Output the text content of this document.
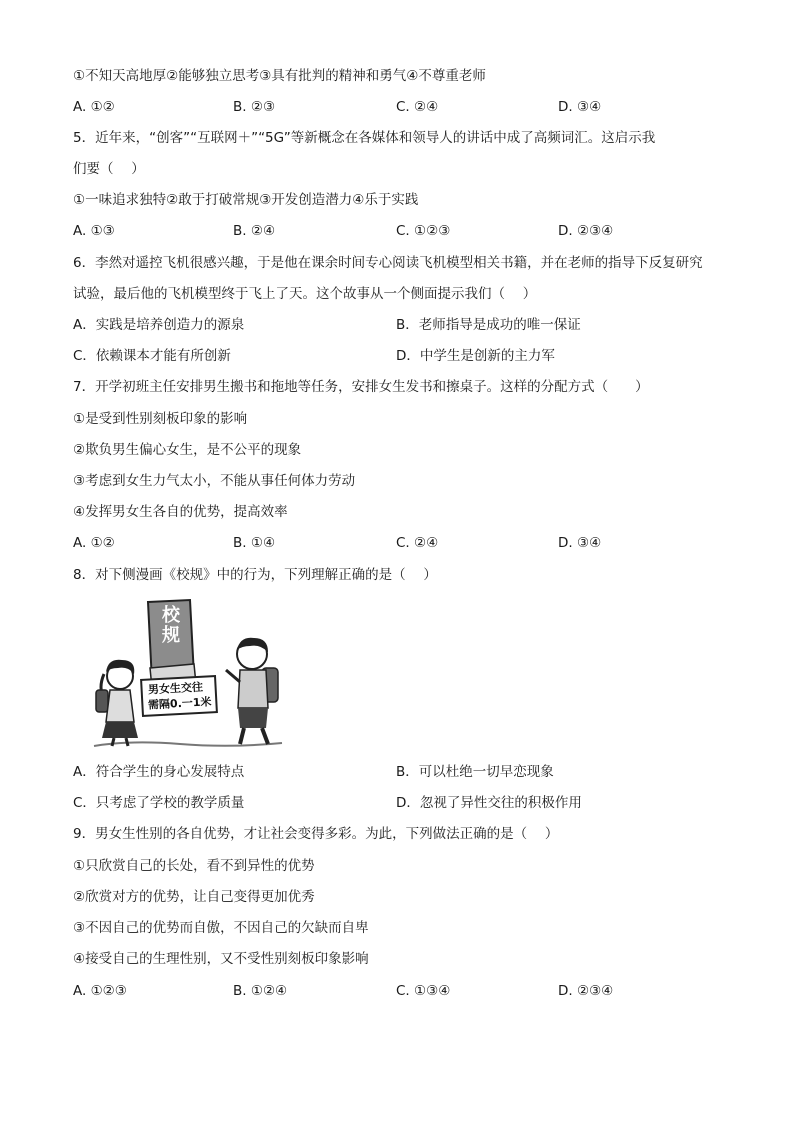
①不知天高地厚②能够独立思考③具有批判的精神和勇气④不尊重老师
A. ①②	B. ②③	C. ②④	D. ③④
5．近年来，“创客”“互联网＋”“5G”等新概念在各媒体和领导人的讲话中成了高频词汇。这启示我
们要（　 ）
①一味追求独特②敢于打破常规③开发创造潜力④乐于实践
A. ①③	B. ②④	C. ①②③	D. ②③④
6．李然对遥控飞机很感兴趣，于是他在课余时间专心阅读飞机模型相关书籍，并在老师的指导下反复研究
试验，最后他的飞机模型终于飞上了天。这个故事从一个侧面提示我们（　 ）
A．实践是培养创造力的源泉	B．老师指导是成功的唯一保证
C．依赖课本才能有所创新	D．中学生是创新的主力军
7．开学初班主任安排男生搬书和拖地等任务，安排女生发书和擦桌子。这样的分配方式（　　）
①是受到性别刻板印象的影响
②欺负男生偏心女生，是不公平的现象
③考虑到女生力气太小，不能从事任何体力劳动
④发挥男女生各自的优势，提高效率
A. ①②	B. ①④	C. ②④	D. ③④
8．对下侧漫画《校规》中的行为，下列理解正确的是（　 ）
校规
男女生交往
需隔0.一1米
A．符合学生的身心发展特点	B．可以杜绝一切早恋现象
C．只考虑了学校的教学质量	D．忽视了异性交往的积极作用
9．男女生性别的各自优势，才让社会变得多彩。为此，下列做法正确的是（　 ）
①只欣赏自己的长处，看不到异性的优势
②欣赏对方的优势，让自己变得更加优秀
③不因自己的优势而自傲，不因自己的欠缺而自卑
④接受自己的生理性别，又不受性别刻板印象影响
A. ①②③	B. ①②④	C. ①③④	D. ②③④
